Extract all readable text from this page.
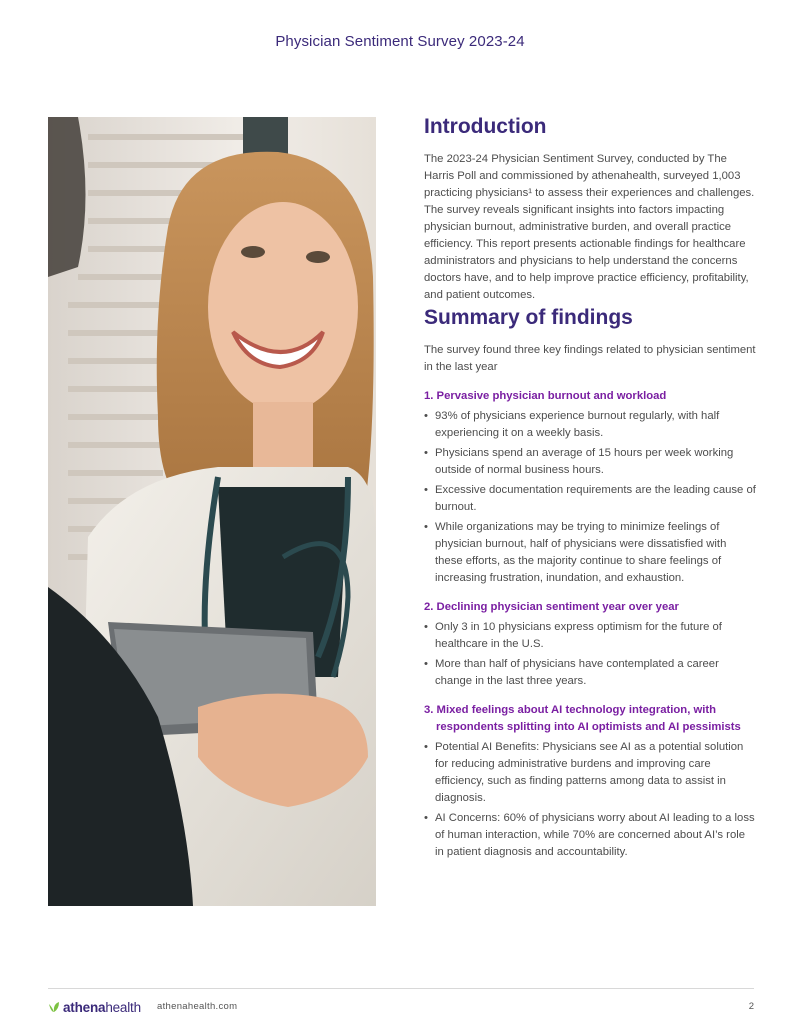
Physician Sentiment Survey 2023-24
Introduction

The 2023-24 Physician Sentiment Survey, conducted by The Harris Poll and commissioned by athenahealth, surveyed 1,003 practicing physicians¹ to assess their experiences and challenges. The survey reveals significant insights into factors impacting physician burnout, administrative burden, and overall practice efficiency. This report presents actionable findings for healthcare administrators and physicians to help understand the concerns doctors have, and to help improve practice efficiency, profitability, and patient outcomes.

Summary of findings

The survey found three key findings related to physician sentiment in the last year

1. Pervasive physician burnout and workload

• 93% of physicians experience burnout regularly, with half experiencing it on a weekly basis.
• Physicians spend an average of 15 hours per week working outside of normal business hours.
• Excessive documentation requirements are the leading cause of burnout.
• While organizations may be trying to minimize feelings of physician burnout, half of physicians were dissatisfied with these efforts, as the majority continue to share feelings of increasing frustration, inundation, and exhaustion.

2. Declining physician sentiment year over year

• Only 3 in 10 physicians express optimism for the future of healthcare in the U.S.
• More than half of physicians have contemplated a career change in the last three years.

3. Mixed feelings about AI technology integration, with respondents splitting into AI optimists and AI pessimists

• Potential AI Benefits: Physicians see AI as a potential solution for reducing administrative burdens and improving care efficiency, such as finding patterns among data to assist in diagnosis.
• AI Concerns: 60% of physicians worry about AI leading to a loss of human interaction, while 70% are concerned about AI’s role in patient diagnosis and accountability.
athenahealth athenahealth.com	2
